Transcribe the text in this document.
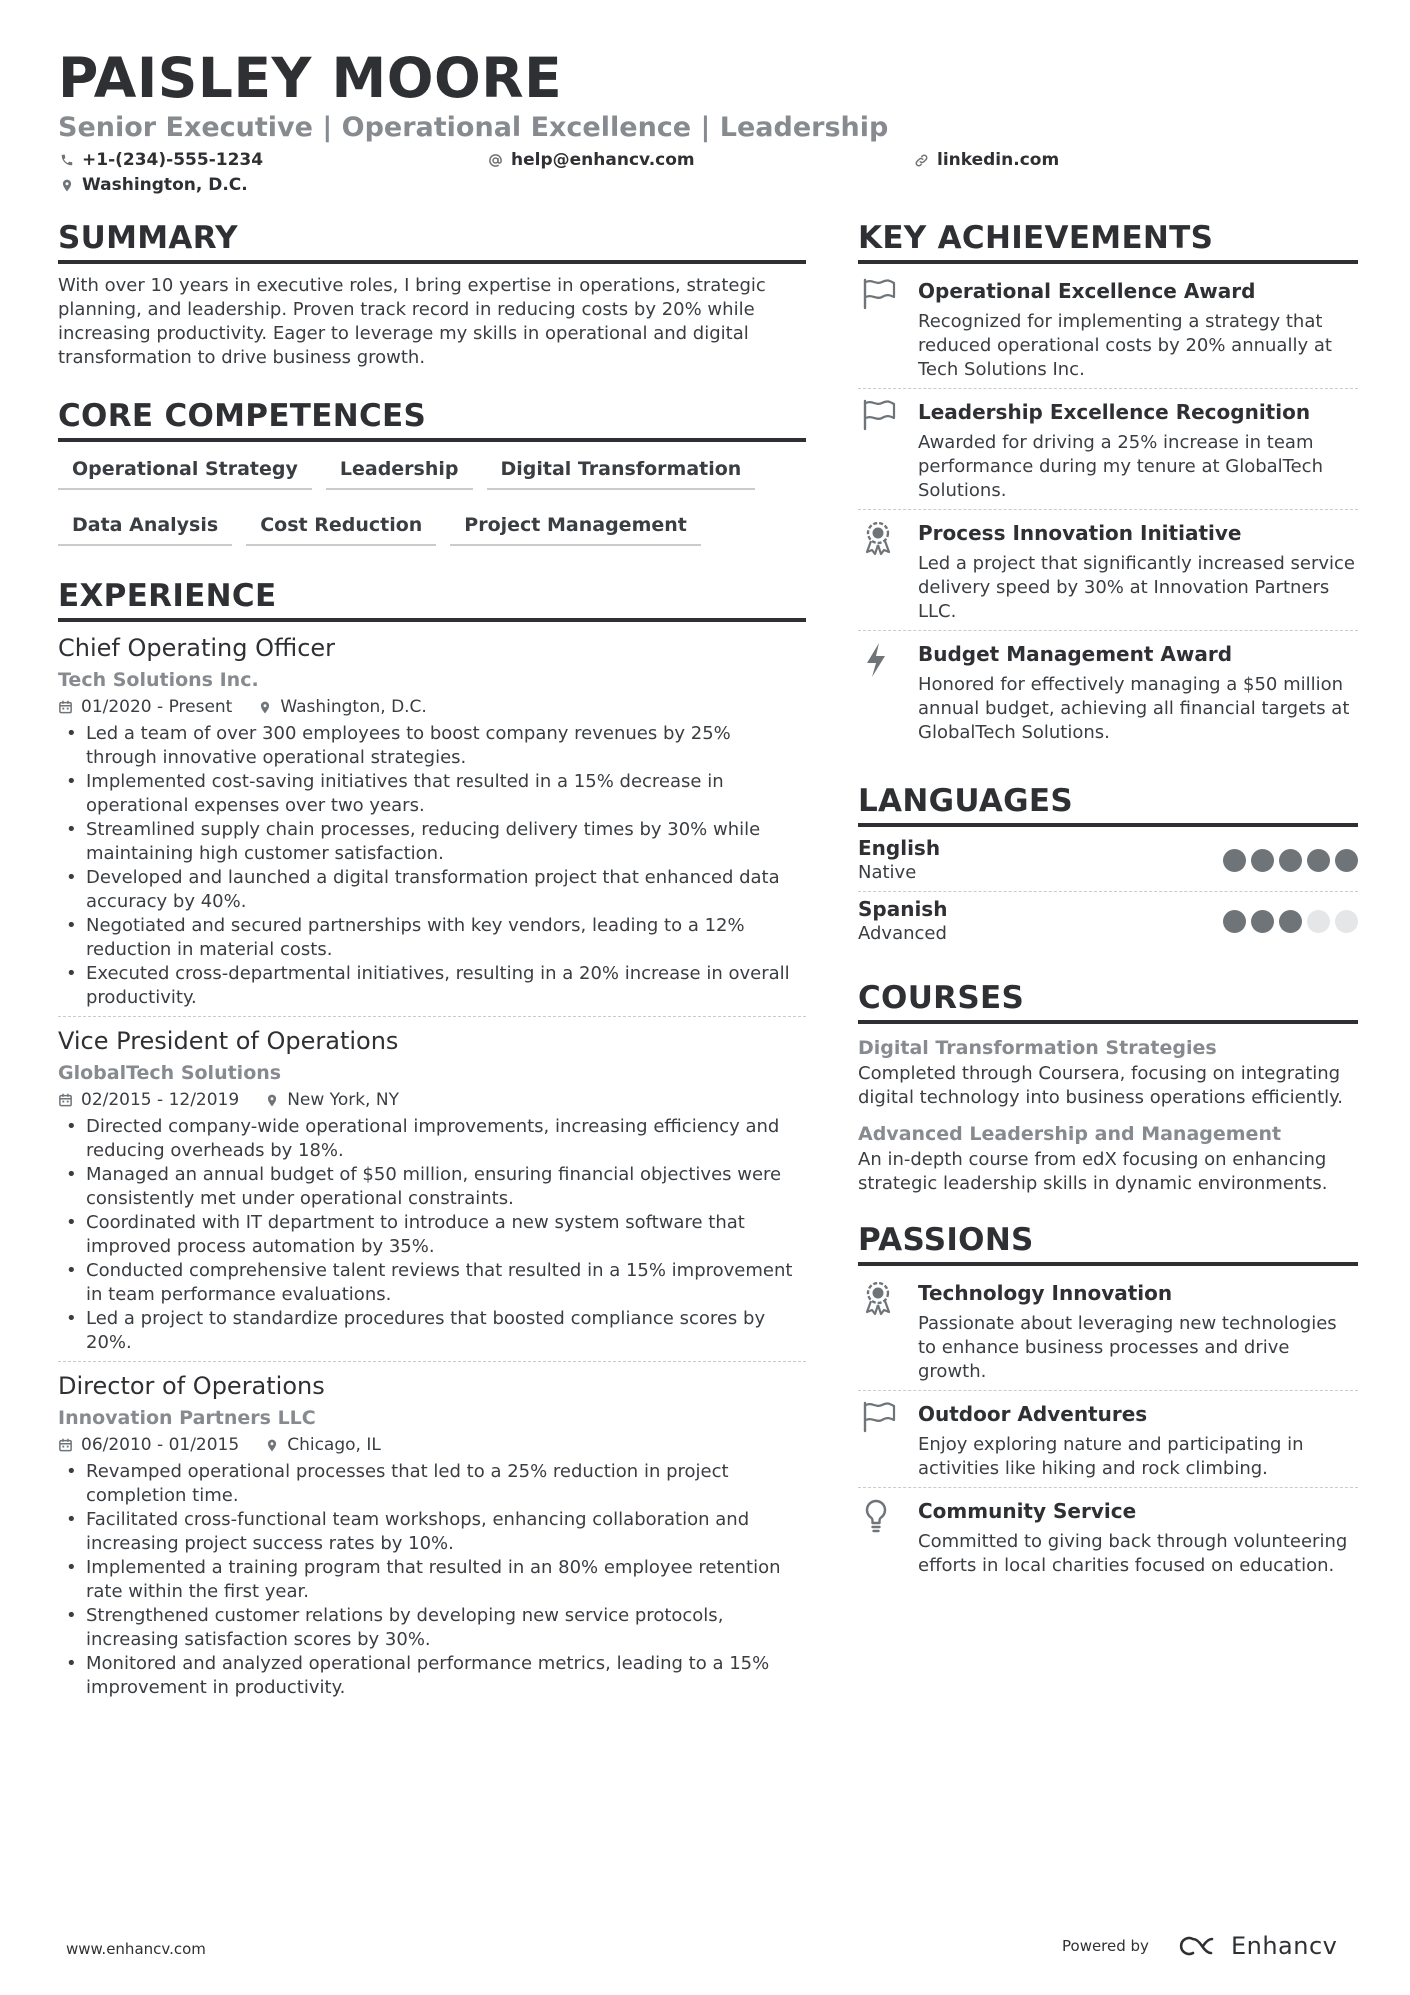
PAISLEY MOORE
Senior Executive | Operational Excellence | Leadership
+1-(234)-555-1234	help@enhancv.com	linkedin.com
Washington, D.C.
SUMMARY
With over 10 years in executive roles, I bring expertise in operations, strategic planning, and leadership. Proven track record in reducing costs by 20% while increasing productivity. Eager to leverage my skills in operational and digital transformation to drive business growth.
CORE COMPETENCES
Operational Strategy	Leadership	Digital Transformation
Data Analysis	Cost Reduction	Project Management
EXPERIENCE
Chief Operating Officer
Tech Solutions Inc.
01/2020 - Present	Washington, D.C.
• Led a team of over 300 employees to boost company revenues by 25% through innovative operational strategies.
• Implemented cost-saving initiatives that resulted in a 15% decrease in operational expenses over two years.
• Streamlined supply chain processes, reducing delivery times by 30% while maintaining high customer satisfaction.
• Developed and launched a digital transformation project that enhanced data accuracy by 40%.
• Negotiated and secured partnerships with key vendors, leading to a 12% reduction in material costs.
• Executed cross-departmental initiatives, resulting in a 20% increase in overall productivity.
Vice President of Operations
GlobalTech Solutions
02/2015 - 12/2019	New York, NY
• Directed company-wide operational improvements, increasing efficiency and reducing overheads by 18%.
• Managed an annual budget of $50 million, ensuring financial objectives were consistently met under operational constraints.
• Coordinated with IT department to introduce a new system software that improved process automation by 35%.
• Conducted comprehensive talent reviews that resulted in a 15% improvement in team performance evaluations.
• Led a project to standardize procedures that boosted compliance scores by 20%.
Director of Operations
Innovation Partners LLC
06/2010 - 01/2015	Chicago, IL
• Revamped operational processes that led to a 25% reduction in project completion time.
• Facilitated cross-functional team workshops, enhancing collaboration and increasing project success rates by 10%.
• Implemented a training program that resulted in an 80% employee retention rate within the first year.
• Strengthened customer relations by developing new service protocols, increasing satisfaction scores by 30%.
• Monitored and analyzed operational performance metrics, leading to a 15% improvement in productivity.
KEY ACHIEVEMENTS
Operational Excellence Award
Recognized for implementing a strategy that reduced operational costs by 20% annually at Tech Solutions Inc.
Leadership Excellence Recognition
Awarded for driving a 25% increase in team performance during my tenure at GlobalTech Solutions.
Process Innovation Initiative
Led a project that significantly increased service delivery speed by 30% at Innovation Partners LLC.
Budget Management Award
Honored for effectively managing a $50 million annual budget, achieving all financial targets at GlobalTech Solutions.
LANGUAGES
English
Native
Spanish
Advanced
COURSES
Digital Transformation Strategies
Completed through Coursera, focusing on integrating digital technology into business operations efficiently.
Advanced Leadership and Management
An in-depth course from edX focusing on enhancing strategic leadership skills in dynamic environments.
PASSIONS
Technology Innovation
Passionate about leveraging new technologies to enhance business processes and drive growth.
Outdoor Adventures
Enjoy exploring nature and participating in activities like hiking and rock climbing.
Community Service
Committed to giving back through volunteering efforts in local charities focused on education.
www.enhancv.com	Powered by	Enhancv
